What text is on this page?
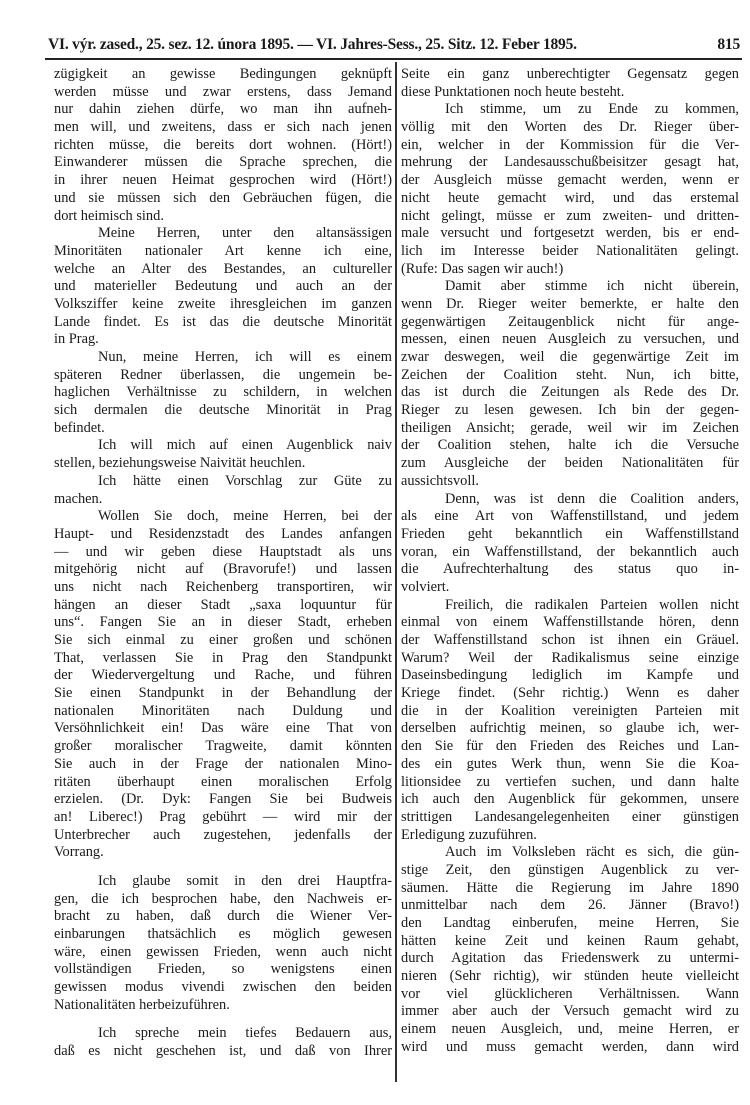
VI. výr. zased., 25. sez. 12. února 1895. — VI. Jahres-Sess., 25. Sitz. 12. Feber 1895.	815
zügigkeit an gewisse Bedingungen geknüpft
werden müsse und zwar erstens, dass Jemand
nur dahin ziehen dürfe, wo man ihn aufneh-
men will, und zweitens, dass er sich nach jenen
richten müsse, die bereits dort wohnen. (Hört!)
Einwanderer müssen die Sprache sprechen, die
in ihrer neuen Heimat gesprochen wird (Hört!)
und sie müssen sich den Gebräuchen fügen, die
dort heimisch sind.
Meine Herren, unter den altansässigen
Minoritäten nationaler Art kenne ich eine,
welche an Alter des Bestandes, an cultureller
und materieller Bedeutung und auch an der
Volksziffer keine zweite ihresgleichen im ganzen
Lande findet. Es ist das die deutsche Minorität
in Prag.
Nun, meine Herren, ich will es einem
späteren Redner überlassen, die ungemein be-
haglichen Verhältnisse zu schildern, in welchen
sich dermalen die deutsche Minorität in Prag
befindet.
Ich will mich auf einen Augenblick naiv
stellen, beziehungsweise Naivität heuchlen.
Ich hätte einen Vorschlag zur Güte zu
machen.
Wollen Sie doch, meine Herren, bei der
Haupt- und Residenzstadt des Landes anfangen
— und wir geben diese Hauptstadt als uns
mitgehörig nicht auf (Bravorufe!) und lassen
uns nicht nach Reichenberg transportiren, wir
hängen an dieser Stadt „saxa loquuntur für
uns“. Fangen Sie an in dieser Stadt, erheben
Sie sich einmal zu einer großen und schönen
That, verlassen Sie in Prag den Standpunkt
der Wiedervergeltung und Rache, und führen
Sie einen Standpunkt in der Behandlung der
nationalen Minoritäten nach Duldung und
Versöhnlichkeit ein! Das wäre eine That von
großer moralischer Tragweite, damit könnten
Sie auch in der Frage der nationalen Mino-
ritäten überhaupt einen moralischen Erfolg
erzielen. (Dr. Dyk: Fangen Sie bei Budweis
an! Liberec!) Prag gebührt — wird mir der
Unterbrecher auch zugestehen, jedenfalls der
Vorrang.
Ich glaube somit in den drei Hauptfra-
gen, die ich besprochen habe, den Nachweis er-
bracht zu haben, daß durch die Wiener Ver-
einbarungen thatsächlich es möglich gewesen
wäre, einen gewissen Frieden, wenn auch nicht
vollständigen Frieden, so wenigstens einen
gewissen modus vivendi zwischen den beiden
Nationalitäten herbeizuführen.
Ich spreche mein tiefes Bedauern aus,
daß es nicht geschehen ist, und daß von Ihrer
Seite ein ganz unberechtigter Gegensatz gegen
diese Punktationen noch heute besteht.
Ich stimme, um zu Ende zu kommen,
völlig mit den Worten des Dr. Rieger über-
ein, welcher in der Kommission für die Ver-
mehrung der Landesausschußbeisitzer gesagt hat,
der Ausgleich müsse gemacht werden, wenn er
nicht heute gemacht wird, und das erstemal
nicht gelingt, müsse er zum zweiten- und dritten-
male versucht und fortgesetzt werden, bis er end-
lich im Interesse beider Nationalitäten gelingt.
(Rufe: Das sagen wir auch!)
Damit aber stimme ich nicht überein,
wenn Dr. Rieger weiter bemerkte, er halte den
gegenwärtigen Zeitaugenblick nicht für ange-
messen, einen neuen Ausgleich zu versuchen, und
zwar deswegen, weil die gegenwärtige Zeit im
Zeichen der Coalition steht. Nun, ich bitte,
das ist durch die Zeitungen als Rede des Dr.
Rieger zu lesen gewesen. Ich bin der gegen-
theiligen Ansicht; gerade, weil wir im Zeichen
der Coalition stehen, halte ich die Versuche
zum Ausgleiche der beiden Nationalitäten für
aussichtsvoll.
Denn, was ist denn die Coalition anders,
als eine Art von Waffenstillstand, und jedem
Frieden geht bekanntlich ein Waffenstillstand
voran, ein Waffenstillstand, der bekanntlich auch
die Aufrechterhaltung des status quo in-
volviert.
Freilich, die radikalen Parteien wollen nicht
einmal von einem Waffenstillstande hören, denn
der Waffenstillstand schon ist ihnen ein Gräuel.
Warum? Weil der Radikalismus seine einzige
Daseinsbedingung lediglich im Kampfe und
Kriege findet. (Sehr richtig.) Wenn es daher
die in der Koalition vereinigten Parteien mit
derselben aufrichtig meinen, so glaube ich, wer-
den Sie für den Frieden des Reiches und Lan-
des ein gutes Werk thun, wenn Sie die Koa-
litionsidee zu vertiefen suchen, und dann halte
ich auch den Augenblick für gekommen, unsere
strittigen Landesangelegenheiten einer günstigen
Erledigung zuzuführen.
Auch im Volksleben rächt es sich, die gün-
stige Zeit, den günstigen Augenblick zu ver-
säumen. Hätte die Regierung im Jahre 1890
unmittelbar nach dem 26. Jänner (Bravo!)
den Landtag einberufen, meine Herren, Sie
hätten keine Zeit und keinen Raum gehabt,
durch Agitation das Friedenswerk zu untermi-
nieren (Sehr richtig), wir stünden heute vielleicht
vor viel glücklicheren Verhältnissen. Wann
immer aber auch der Versuch gemacht wird zu
einem neuen Ausgleich, und, meine Herren, er
wird und muss gemacht werden, dann wird
